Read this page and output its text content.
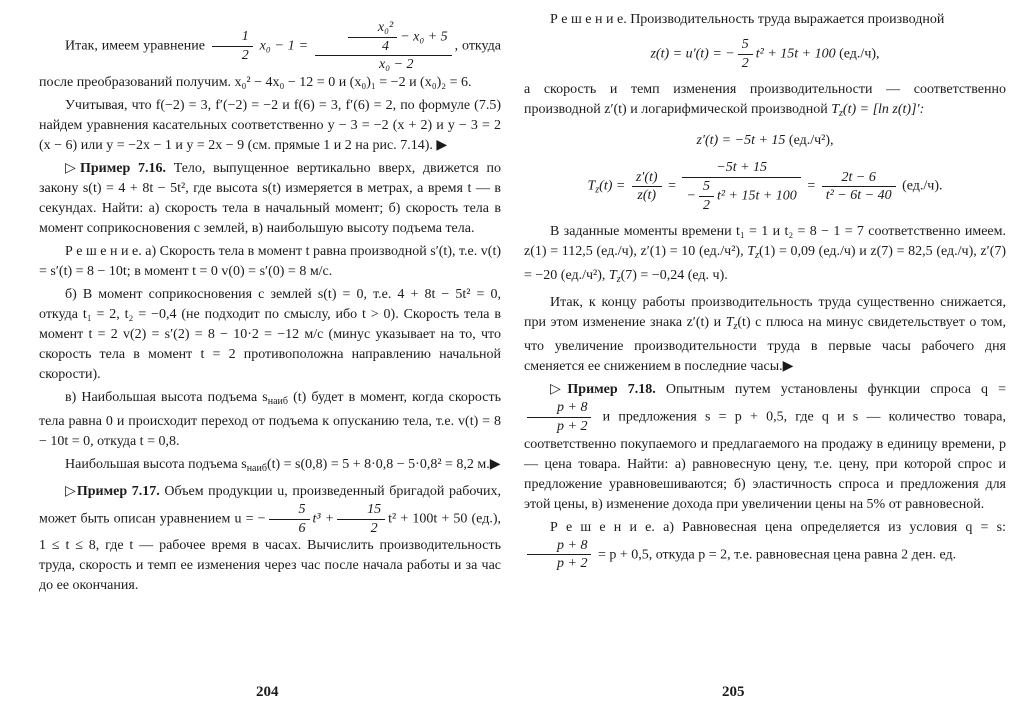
Итак, имеем уравнение $\frac{1}{2} x_0 - 1 = \frac{\frac{\text{x₀²}}{4} - x_0 + 5}{\text{x₀ − 2}}$ , откуда после преобразований получим. x₀² − 4x₀ − 12 = 0 и (x₀)₁ = −2 и (x₀)₂ = 6.

Учитывая, что f(−2) = 3, f′(−2) = −2 и f(6) = 3, f′(6) = 2, по формуле (7.5) найдем уравнения касательных соответственно y − 3 = −2 (x + 2) и y − 3 = 2 (x − 6) или y = −2x − 1 и y = 2x − 9 (см. прямые 1 и 2 на рис. 7.14). ▶

▷Пример 7.16. Тело, выпущенное вертикально вверх, движется по закону s(t) = 4 + 8t − 5t², где высота s(t) измеряется в метрах, а время t — в секундах. Найти: а) скорость тела в начальный момент; б) скорость тела в момент соприкосновения с землей, в) наибольшую высоту подъема тела.

Р е ш е н и е. а) Скорость тела в момент t равна производной s′(t), т.е. v(t) = s′(t) = 8 − 10t; в момент t = 0 v(0) = s′(0) = 8 м/с.

б) В момент соприкосновения с землей s(t) = 0, т.е. 4 + 8t − 5t² = 0, откуда t₁ = 2, t₂ = −0,4 (не подходит по смыслу, ибо t > 0). Скорость тела в момент t = 2 v(2) = s′(2) = 8 − 10·2 = −12 м/с (минус указывает на то, что скорость тела в момент t = 2 противоположна направлению начальной скорости).

в) Наибольшая высота подъема $s_{наиб}$ (t) будет в момент, когда скорость тела равна 0 и происходит переход от подъема к опусканию тела, т.е. v(t) = 8 − 10t = 0, откуда t = 0,8.

Наибольшая высота подъема $s_{наиб}(t) = s(0,8) = 5 + 8\cdot 0,8 - 5\cdot 0,8^2 = 8,2$ м.▶

▷Пример 7.17. Объем продукции u, произведенный бригадой рабочих, может быть описан уравнением u = − $\frac{5}{6} t^3 + \frac{15}{2} t^2 + 100t + 50$ (ед.), 1 ≤ t ≤ 8, где t — рабочее время в часах. Вычислить производительность труда, скорость и темп ее изменения через час после начала работы и за час до ее окончания.

Р е ш е н и е. Производительность труда выражается производной

z(t) = u′(t) = − $\frac{5}{2} t^2 + 15t + 100$ (ед./ч),

а скорость и темп изменения производительности — соответственно производной z′(t) и логарифмической производной $T_z(t) = [\ln$ z(t)]′:

z′(t) = −5t + 15 (ед./ч²),
$T_z(t) = \frac{z'(t)}{z(t)} = \frac{-5t + 15}{- \frac{5}{2} t^2 + 15t + 100} = \frac{2t - 6}{\text{t² − 6t − 40}} (ед./ч)$.

В заданные моменты времени t₁ = 1 и t₂ = 8 − 1 = 7 соответственно имеем. z(1) = 112,5 (ед./ч), z′(1) = 10 (ед./ч²), $T_z(1) = 0,09$ (ед./ч) и z(7) = 82,5 (ед./ч), z′(7) = −20 (ед./ч²), $T_z(7) = -0,24$ (ед. ч).

Итак, к концу работы производительность труда существенно снижается, при этом изменение знака z′(t) и $T_z(t)$ с плюса на минус свидетельствует о том, что увеличение производительности труда в первые часы рабочего дня сменяется ее снижением в последние часы.▶

▷Пример 7.18. Опытным путем установлены функции спроса q =
$\frac{p + 8}{p + 2}$ и предложения s = p + 0,5, где q и s — количество товара, соответственно покупаемого и предлагаемого на продажу в единицу времени, p — цена товара. Найти: а) равновесную цену, т.е. цену, при которой спрос и предложение уравновешиваются; б) эластичность спроса и предложения для этой цены, в) изменение дохода при увеличении цены на 5% от равновесной.

Р е ш е н и е. а) Равновесная цена определяется из условия q = s:
$\frac{p + 8}{p + 2} = p + 0,5$, откуда p = 2, т.е. равновесная цена равна 2 ден. ед.

204	205
